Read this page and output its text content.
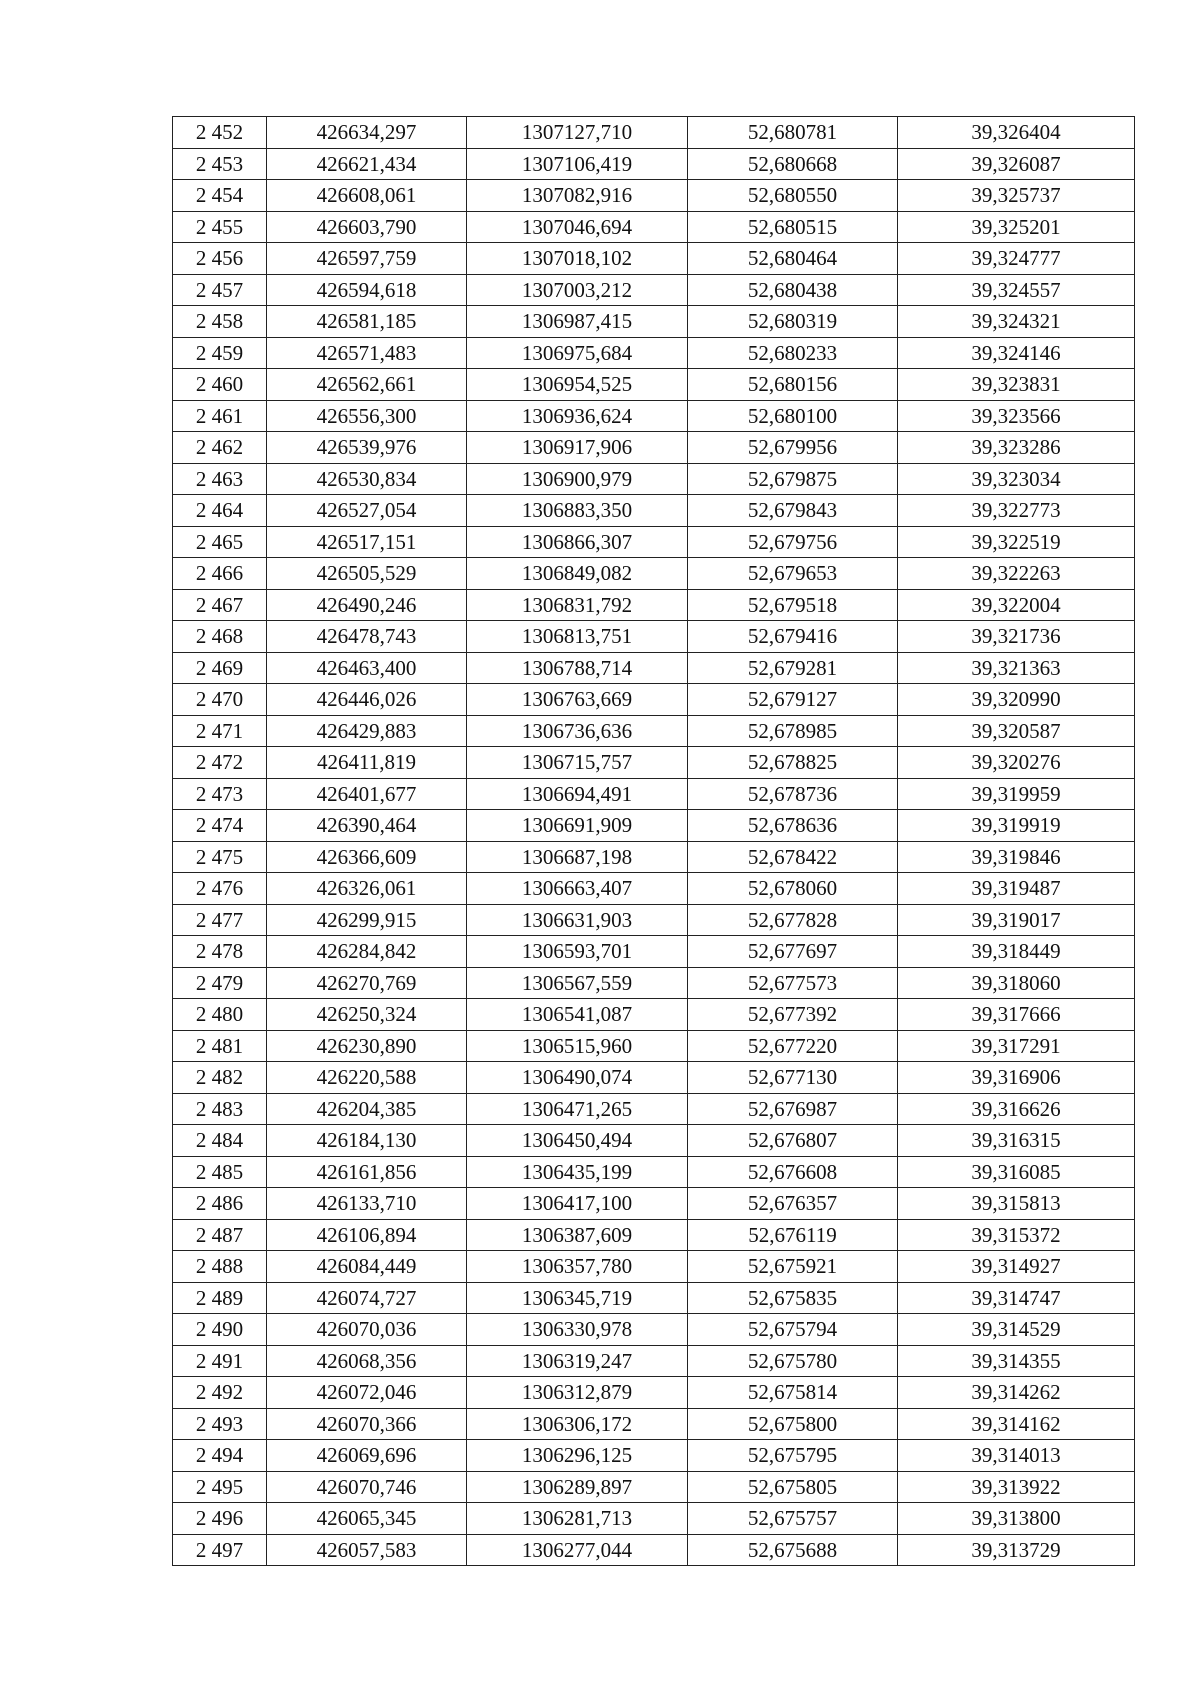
2 452	426634,297	1307127,710	52,680781	39,326404
2 453	426621,434	1307106,419	52,680668	39,326087
2 454	426608,061	1307082,916	52,680550	39,325737
2 455	426603,790	1307046,694	52,680515	39,325201
2 456	426597,759	1307018,102	52,680464	39,324777
2 457	426594,618	1307003,212	52,680438	39,324557
2 458	426581,185	1306987,415	52,680319	39,324321
2 459	426571,483	1306975,684	52,680233	39,324146
2 460	426562,661	1306954,525	52,680156	39,323831
2 461	426556,300	1306936,624	52,680100	39,323566
2 462	426539,976	1306917,906	52,679956	39,323286
2 463	426530,834	1306900,979	52,679875	39,323034
2 464	426527,054	1306883,350	52,679843	39,322773
2 465	426517,151	1306866,307	52,679756	39,322519
2 466	426505,529	1306849,082	52,679653	39,322263
2 467	426490,246	1306831,792	52,679518	39,322004
2 468	426478,743	1306813,751	52,679416	39,321736
2 469	426463,400	1306788,714	52,679281	39,321363
2 470	426446,026	1306763,669	52,679127	39,320990
2 471	426429,883	1306736,636	52,678985	39,320587
2 472	426411,819	1306715,757	52,678825	39,320276
2 473	426401,677	1306694,491	52,678736	39,319959
2 474	426390,464	1306691,909	52,678636	39,319919
2 475	426366,609	1306687,198	52,678422	39,319846
2 476	426326,061	1306663,407	52,678060	39,319487
2 477	426299,915	1306631,903	52,677828	39,319017
2 478	426284,842	1306593,701	52,677697	39,318449
2 479	426270,769	1306567,559	52,677573	39,318060
2 480	426250,324	1306541,087	52,677392	39,317666
2 481	426230,890	1306515,960	52,677220	39,317291
2 482	426220,588	1306490,074	52,677130	39,316906
2 483	426204,385	1306471,265	52,676987	39,316626
2 484	426184,130	1306450,494	52,676807	39,316315
2 485	426161,856	1306435,199	52,676608	39,316085
2 486	426133,710	1306417,100	52,676357	39,315813
2 487	426106,894	1306387,609	52,676119	39,315372
2 488	426084,449	1306357,780	52,675921	39,314927
2 489	426074,727	1306345,719	52,675835	39,314747
2 490	426070,036	1306330,978	52,675794	39,314529
2 491	426068,356	1306319,247	52,675780	39,314355
2 492	426072,046	1306312,879	52,675814	39,314262
2 493	426070,366	1306306,172	52,675800	39,314162
2 494	426069,696	1306296,125	52,675795	39,314013
2 495	426070,746	1306289,897	52,675805	39,313922
2 496	426065,345	1306281,713	52,675757	39,313800
2 497	426057,583	1306277,044	52,675688	39,313729
